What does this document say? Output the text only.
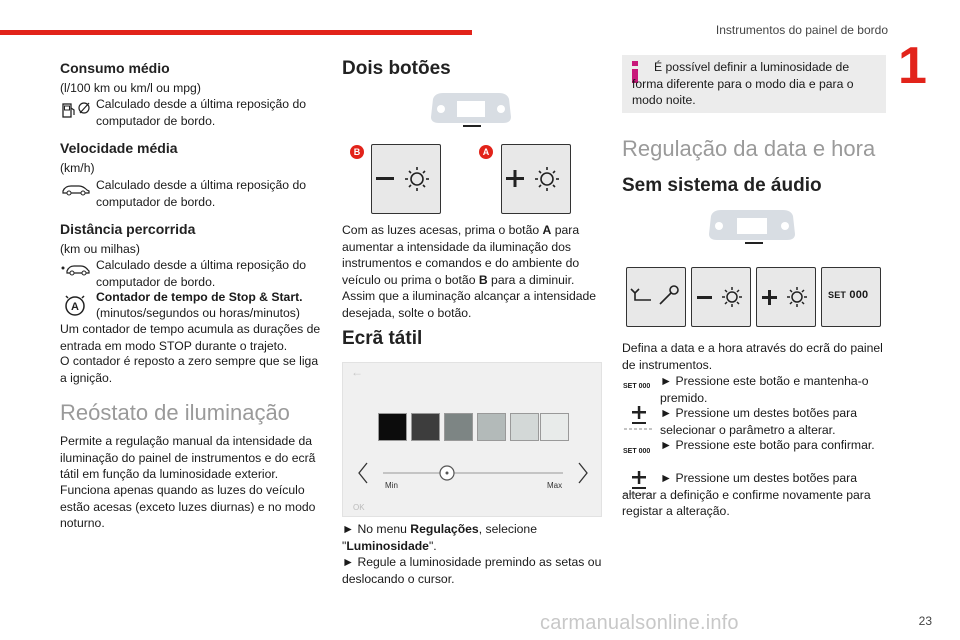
Instrumentos do painel de bordo
1
Consumo médio
(l/100 km ou km/l ou mpg)
Calculado desde a última reposição do computador de bordo.
Velocidade média
(km/h)
Calculado desde a última reposição do computador de bordo.
Distância percorrida
(km ou milhas)
Calculado desde a última reposição do computador de bordo.
A
Contador de tempo de Stop & Start.
(minutos/segundos ou horas/minutos)
Um contador de tempo acumula as durações de entrada em modo STOP durante o trajeto.
O contador é reposto a zero sempre que se liga a ignição.
Reóstato de iluminação
Permite a regulação manual da intensidade da iluminação do painel de instrumentos e do ecrã tátil em função da luminosidade exterior.
Funciona apenas quando as luzes do veículo estão acesas (exceto luzes diurnas) e no modo noturno.
Dois botões
B	A
Com as luzes acesas, prima o botão A para aumentar a intensidade da iluminação dos instrumentos e comandos e do ambiente do veículo ou prima o botão B para a diminuir.
Assim que a iluminação alcançar a intensidade desejada, solte o botão.
Ecrã tátil
←
Min	Max
OK
► No menu Regulações, selecione
"Luminosidade".
► Regule a luminosidade premindo as setas ou deslocando o cursor.
É possível definir a luminosidade de forma diferente para o modo dia e para o modo noite.
Regulação da data e hora
Sem sistema de áudio
SET 000
Defina a data e a hora através do ecrã do painel de instrumentos.
SET 000 ► Pressione este botão e mantenha-o premido.
► Pressione um destes botões para selecionar o parâmetro a alterar.
SET 000 ► Pressione este botão para confirmar.
► Pressione um destes botões para alterar a definição e confirme novamente para registar a alteração.
carmanualsonline.info	23
